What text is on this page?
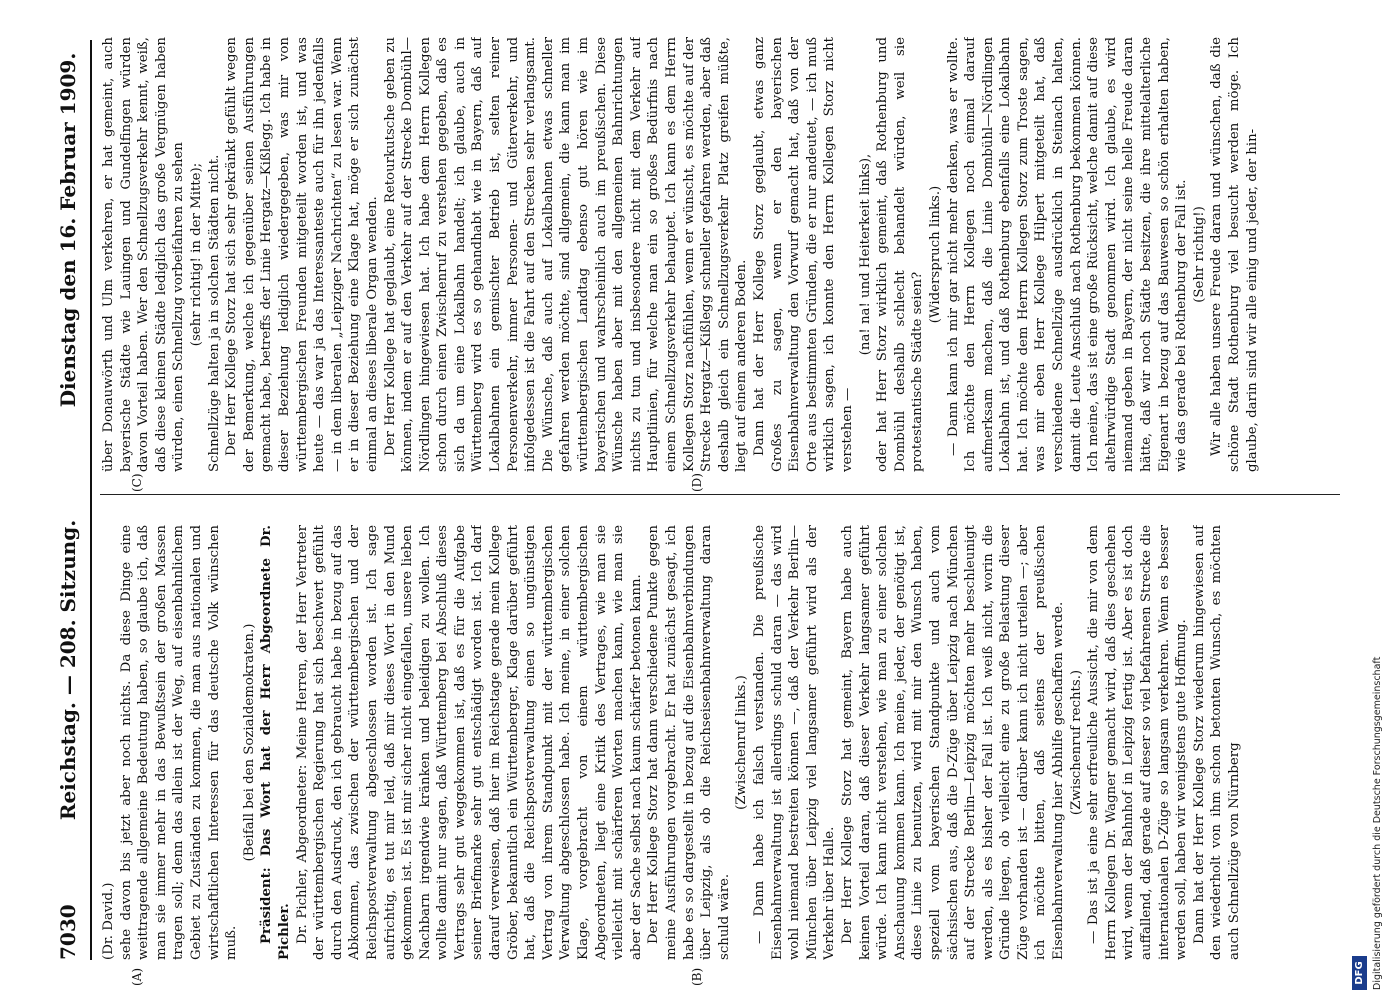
7030
Reichstag. — 208. Sitzung.
Dienstag den 16. Februar 1909.
(A)	(B)
(C)	(D)

(Dr. David.) sehe davon bis jetzt aber noch nichts. Da diese Dinge eine weittragende allgemeine Bedeutung haben, so glaube ich, daß man sie immer mehr in das Bewußtsein der großen Massen tragen soll; denn das allein ist der Weg, auf eisenbahnlichem Gebiet zu Zuständen zu kommen, die man aus nationalen und wirtschaftlichen Interessen für das deutsche Volk wünschen muß.

(Beifall bei den Sozialdemokraten.) Präsident: Das Wort hat der Herr Abgeordnete Dr. Pichler. Dr. Pichler, Abgeordneter: Meine Herren, der Herr Vertreter der württembergischen Regierung hat sich beschwert gefühlt durch den Ausdruck, den ich gebraucht habe in bezug auf das Abkommen, das zwischen der württembergischen und der Reichspostverwaltung abgeschlossen worden ist. Ich sage aufrichtig, es tut mir leid, daß mir dieses Wort in den Mund gekommen ist. Es ist mir sicher nicht eingefallen, unsere lieben Nachbarn irgendwie kränken und beleidigen zu wollen. Ich wollte damit nur sagen, daß Württemberg bei Abschluß dieses Vertrags sehr gut weggekommen ist, daß es für die Aufgabe seiner Briefmarke sehr gut entschädigt worden ist. Ich darf darauf verweisen, daß hier im Reichstage gerade mein Kollege Gröber, bekanntlich ein Württemberger, Klage darüber geführt hat, daß die Reichspostverwaltung einen so ungünstigen Vertrag von ihrem Standpunkt mit der württembergischen Verwaltung abgeschlossen habe. Ich meine, in einer solchen Klage, vorgebracht von einem württembergischen Abgeordneten, liegt eine Kritik des Vertrages, wie man sie vielleicht mit schärferen Worten machen kann, wie man sie aber der Sache selbst nach kaum schärfer betonen kann. Der Herr Kollege Storz hat dann verschiedene Punkte gegen meine Ausführungen vorgebracht. Er hat zunächst gesagt, ich habe es so dargestellt in bezug auf die Eisenbahnverbindungen über Leipzig, als ob die Reichseisenbahnverwaltung daran schuld wäre.

(Zwischenruf links.) — Dann habe ich falsch verstanden. Die preußische Eisenbahnverwaltung ist allerdings schuld daran — das wird wohl niemand bestreiten können —, daß der Verkehr Berlin—München über Leipzig viel langsamer geführt wird als der Verkehr über Halle. Der Herr Kollege Storz hat gemeint, Bayern habe auch keinen Vorteil daran, daß dieser Verkehr langsamer geführt würde. Ich kann nicht verstehen, wie man zu einer solchen Anschauung kommen kann. Ich meine, jeder, der genötigt ist, diese Linie zu benutzen, wird mit mir den Wunsch haben, speziell vom bayerischen Standpunkte und auch vom sächsischen aus, daß die D-Züge über Leipzig nach München auf der Strecke Berlin—Leipzig möchten mehr beschleunigt werden, als es bisher der Fall ist. Ich weiß nicht, worin die Gründe liegen, ob vielleicht eine zu große Belastung dieser Züge vorhanden ist — darüber kann ich nicht urteilen —; aber ich möchte bitten, daß seitens der preußischen Eisenbahnverwaltung hier Abhilfe geschaffen werde. (Zwischenruf rechts.) — Das ist ja eine sehr erfreuliche Aussicht, die mir von dem Herrn Kollegen Dr. Wagner gemacht wird, daß dies geschehen wird, wenn der Bahnhof in Leipzig fertig ist. Aber es ist doch auffallend, daß gerade auf dieser so viel befahrenen Strecke die internationalen D-Züge so langsam verkehren. Wenn es besser werden soll, haben wir wenigstens gute Hoffnung. Dann hat der Herr Kollege Storz wiederum hingewiesen auf den wiederholt von ihm schon betonten Wunsch, es möchten auch Schnellzüge von Nürnberg

über Donauwörth und Ulm verkehren, er hat gemeint, auch bayerische Städte wie Lauingen und Gundelfingen würden davon Vorteil haben. Wer den Schnellzugsverkehr kennt, weiß, daß diese kleinen Städte lediglich das große Vergnügen haben würden, einen Schnellzug vorbeifahren zu sehen (sehr richtig! in der Mitte); Schnellzüge halten ja in solchen Städten nicht. Der Herr Kollege Storz hat sich sehr gekränkt gefühlt wegen der Bemerkung, welche ich gegenüber seinen Ausführungen gemacht habe, betreffs der Linie Hergatz—Kißlegg. Ich habe in dieser Beziehung lediglich wiedergegeben, was mir von württembergischen Freunden mitgeteilt worden ist, und was heute — das war ja das Interessanteste auch für ihn jedenfalls — in dem liberalen „Leipziger Nachrichten“ zu lesen war. Wenn er in dieser Beziehung eine Klage hat, möge er sich zunächst einmal an dieses liberale Organ wenden. Der Herr Kollege hat geglaubt, eine Retourkutsche geben zu können, indem er auf den Verkehr auf der Strecke Dombühl—Nördlingen hingewiesen hat. Ich habe dem Herrn Kollegen schon durch einen Zwischenruf zu verstehen gegeben, daß es sich da um eine Lokalbahn handelt; ich glaube, auch in Württemberg wird es so gehandhabt wie in Bayern, daß auf Lokalbahnen ein gemischter Betrieb ist, selten reiner Personenverkehr, immer Personen- und Güterverkehr, und infolgedessen ist die Fahrt auf den Strecken sehr verlangsamt. Die Wünsche, daß auch auf Lokalbahnen etwas schneller gefahren werden möchte, sind allgemein, die kann man im württembergischen Landtag ebenso gut hören wie im bayerischen und wahrscheinlich auch im preußischen. Diese Wünsche haben aber mit den allgemeinen Bahnrichtungen nichts zu tun und insbesondere nicht mit dem Verkehr auf Hauptlinien, für welche man ein so großes Bedürfnis nach einem Schnellzugsverkehr behauptet. Ich kann es dem Herrn Kollegen Storz nachfühlen, wenn er wünscht, es möchte auf der Strecke Hergatz—Kißlegg schneller gefahren werden, aber daß deshalb gleich ein Schnellzugsverkehr Platz greifen müßte, liegt auf einem anderen Boden. Dann hat der Herr Kollege Storz geglaubt, etwas ganz Großes zu sagen, wenn er den bayerischen Eisenbahnverwaltung den Vorwurf gemacht hat, daß von der Orte aus bestimmten Gründen, die er nur andeutet, — ich muß wirklich sagen, ich konnte den Herrn Kollegen Storz nicht verstehen —

(na! na! und Heiterkeit links), oder hat Herr Storz wirklich gemeint, daß Rothenburg und Dombühl deshalb schlecht behandelt würden, weil sie protestantische Städte seien?

(Widerspruch links.) — Dann kann ich mir gar nicht mehr denken, was er wollte. Ich möchte den Herrn Kollegen noch einmal darauf aufmerksam machen, daß die Linie Dombühl—Nördlingen Lokalbahn ist, und daß Rothenburg ebenfalls eine Lokalbahn hat. Ich möchte dem Herrn Kollegen Storz zum Troste sagen, was mir eben Herr Kollege Hilpert mitgeteilt hat, daß verschiedene Schnellzüge ausdrücklich in Steinach halten, damit die Leute Anschluß nach Rothenburg bekommen können. Ich meine, das ist eine große Rücksicht, welche damit auf diese altehrwürdige Stadt genommen wird. Ich glaube, es wird niemand geben in Bayern, der nicht seine helle Freude daran hätte, daß wir noch Städte besitzen, die ihre mittelalterliche Eigenart in bezug auf das Bauwesen so schön erhalten haben, wie das gerade bei Rothenburg der Fall ist. (Sehr richtig!) Wir alle haben unsere Freude daran und wünschen, daß die schöne Stadt Rothenburg viel besucht werden möge. Ich glaube, darin sind wir alle einig und jeder, der hin-

DFG Digitalisierung gefördert durch die Deutsche Forschungsgemeinschaft
